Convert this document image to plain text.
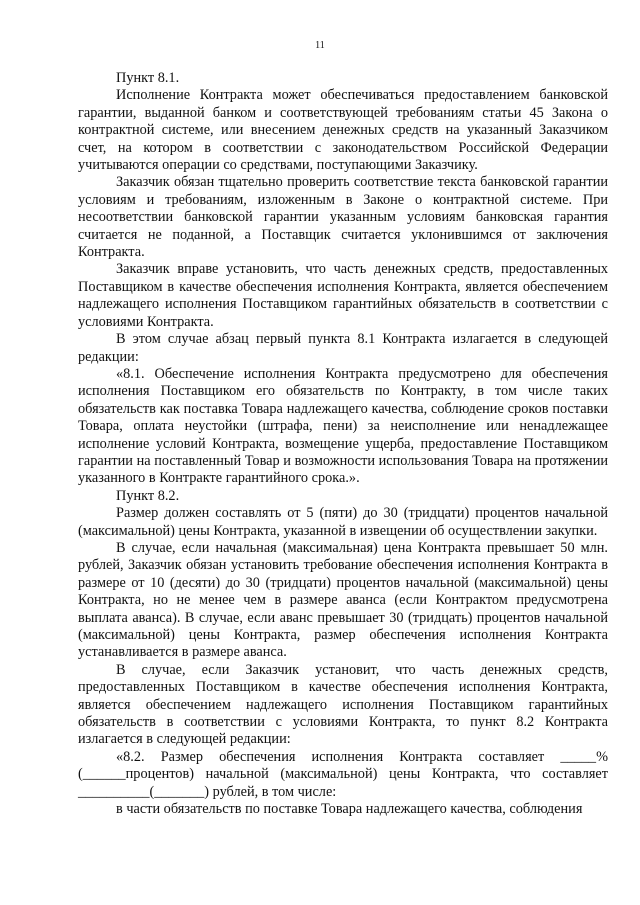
11

Пункт 8.1.

Исполнение Контракта может обеспечиваться предоставлением банковской гарантии, выданной банком и соответствующей требованиям статьи 45 Закона о контрактной системе, или внесением денежных средств на указанный Заказчиком счет, на котором в соответствии с законодательством Российской Федерации учитываются операции со средствами, поступающими Заказчику.

Заказчик обязан тщательно проверить соответствие текста банковской гарантии условиям и требованиям, изложенным в Законе о контрактной системе. При несоответствии банковской гарантии указанным условиям банковская гарантия считается не поданной, а Поставщик считается уклонившимся от заключения Контракта.

Заказчик вправе установить, что часть денежных средств, предоставленных Поставщиком в качестве обеспечения исполнения Контракта, является обеспечением надлежащего исполнения Поставщиком гарантийных обязательств в соответствии с условиями Контракта.

В этом случае абзац первый пункта 8.1 Контракта излагается в следующей редакции:

«8.1. Обеспечение исполнения Контракта предусмотрено для обеспечения исполнения Поставщиком его обязательств по Контракту, в том числе таких обязательств как поставка Товара надлежащего качества, соблюдение сроков поставки Товара, оплата неустойки (штрафа, пени) за неисполнение или ненадлежащее исполнение условий Контракта, возмещение ущерба, предоставление Поставщиком гарантии на поставленный Товар и возможности использования Товара на протяжении указанного в Контракте гарантийного срока.».

Пункт 8.2.

Размер должен составлять от 5 (пяти) до 30 (тридцати) процентов начальной (максимальной) цены Контракта, указанной в извещении об осуществлении закупки.

В случае, если начальная (максимальная) цена Контракта превышает 50 млн. рублей, Заказчик обязан установить требование обеспечения исполнения Контракта в размере от 10 (десяти) до 30 (тридцати) процентов начальной (максимальной) цены Контракта, но не менее чем в размере аванса (если Контрактом предусмотрена выплата аванса). В случае, если аванс превышает 30 (тридцать) процентов начальной (максимальной) цены Контракта, размер обеспечения исполнения Контракта устанавливается в размере аванса.

В случае, если Заказчик установит, что часть денежных средств, предоставленных Поставщиком в качестве обеспечения исполнения Контракта, является обеспечением надлежащего исполнения Поставщиком гарантийных обязательств в соответствии с условиями Контракта, то пункт 8.2 Контракта излагается в следующей редакции:

«8.2. Размер обеспечения исполнения Контракта составляет _____% (______процентов) начальной (максимальной) цены Контракта, что составляет __________(_______) рублей, в том числе:

в части обязательств по поставке Товара надлежащего качества, соблюдения
